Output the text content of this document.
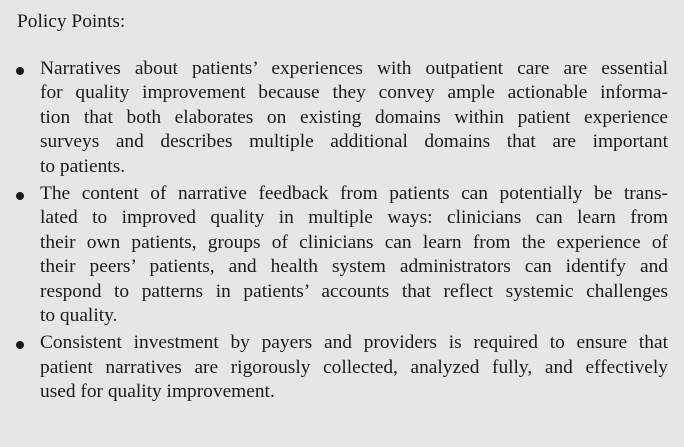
Policy Points:
Narratives about patients’ experiences with outpatient care are essential
for quality improvement because they convey ample actionable informa-
tion that both elaborates on existing domains within patient experience
surveys and describes multiple additional domains that are important
to patients.
The content of narrative feedback from patients can potentially be trans-
lated to improved quality in multiple ways: clinicians can learn from
their own patients, groups of clinicians can learn from the experience of
their peers’ patients, and health system administrators can identify and
respond to patterns in patients’ accounts that reflect systemic challenges
to quality.
Consistent investment by payers and providers is required to ensure that
patient narratives are rigorously collected, analyzed fully, and effectively
used for quality improvement.
